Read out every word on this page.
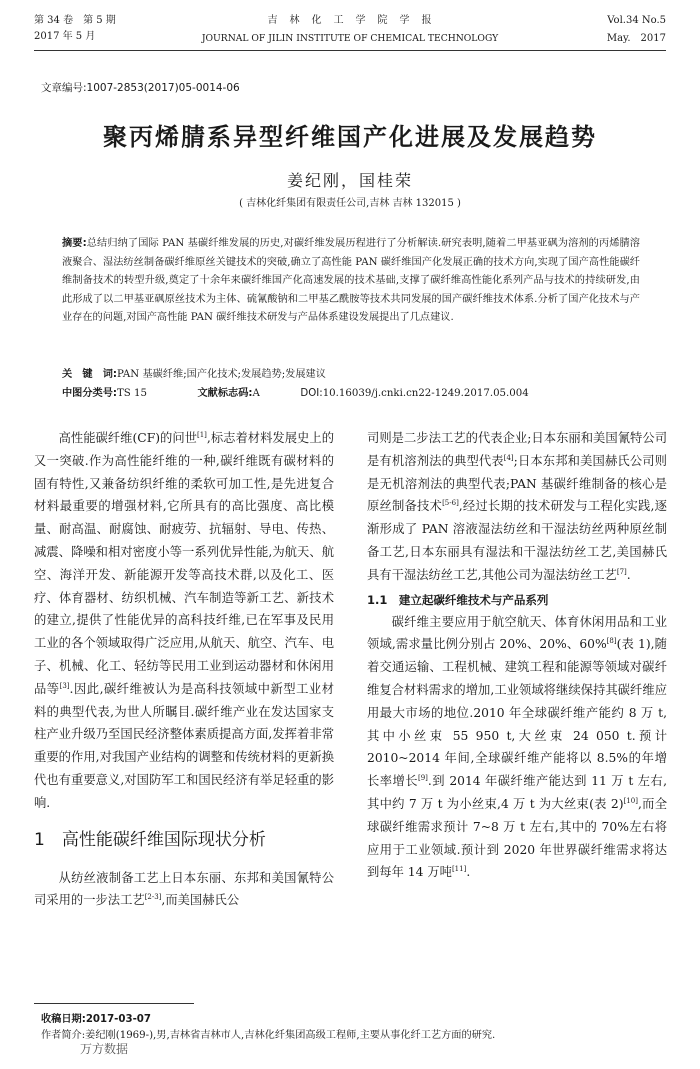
第 34 卷　第 5 期
2017 年 5 月
吉　林　化　工　学　院　学　报
JOURNAL OF JILIN INSTITUTE OF CHEMICAL TECHNOLOGY
Vol.34 No.5
May.　2017
文章编号:1007-2853(2017)05-0014-06
聚丙烯腈系异型纤维国产化进展及发展趋势
姜纪刚，国桂荣
( 吉林化纤集团有限责任公司,吉林 吉林 132015 )
摘要:总结归纳了国际 PAN 基碳纤维发展的历史,对碳纤维发展历程进行了分析解读.研究表明,随着二甲基亚砜为溶剂的丙烯腈溶液聚合、湿法纺丝制备碳纤维原丝关键技术的突破,确立了高性能 PAN 碳纤维国产化发展正确的技术方向,实现了国产高性能碳纤维制备技术的转型升级,奠定了十余年来碳纤维国产化高速发展的技术基础,支撑了碳纤维高性能化系列产品与技术的持续研发,由此形成了以二甲基亚砜原丝技术为主体、硫氰酸钠和二甲基乙酰胺等技术共同发展的国产碳纤维技术体系.分析了国产化技术与产业存在的问题,对国产高性能 PAN 碳纤维技术研发与产品体系建设发展提出了几点建议.
关　键　词:PAN 基碳纤维;国产化技术;发展趋势;发展建议
中图分类号:TS 15	文献标志码:A	DOI:10.16039/j.cnki.cn22-1249.2017.05.004

高性能碳纤维(CF)的问世[1],标志着材料发展史上的又一突破.作为高性能纤维的一种,碳纤维既有碳材料的固有特性,又兼备纺织纤维的柔软可加工性,是先进复合材料最重要的增强材料,它所具有的高比强度、高比模量、耐高温、耐腐蚀、耐疲劳、抗辐射、导电、传热、减震、降噪和相对密度小等一系列优异性能,为航天、航空、海洋开发、新能源开发等高技术群,以及化工、医疗、体育器材、纺织机械、汽车制造等新工艺、新技术的建立,提供了性能优异的高科技纤维,已在军事及民用工业的各个领域取得广泛应用,从航天、航空、汽车、电子、机械、化工、轻纺等民用工业到运动器材和休闲用品等[3].因此,碳纤维被认为是高科技领域中新型工业材料的典型代表,为世人所瞩目.碳纤维产业在发达国家支柱产业升级乃至国民经济整体素质提高方面,发挥着非常重要的作用,对我国产业结构的调整和传统材料的更新换代也有重要意义,对国防军工和国民经济有举足轻重的影响.

1　高性能碳纤维国际现状分析

从纺丝液制备工艺上日本东丽、东邦和美国氰特公司采用的一步法工艺[2-3],而美国赫氏公

司则是二步法工艺的代表企业;日本东丽和美国氰特公司是有机溶剂法的典型代表[4];日本东邦和美国赫氏公司则是无机溶剂法的典型代表;PAN 基碳纤维制备的核心是原丝制备技术[5-6],经过长期的技术研发与工程化实践,逐渐形成了 PAN 溶液湿法纺丝和干湿法纺丝两种原丝制备工艺,日本东丽具有湿法和干湿法纺丝工艺,美国赫氏具有干湿法纺丝工艺,其他公司为湿法纺丝工艺[7].

1.1　建立起碳纤维技术与产品系列

碳纤维主要应用于航空航天、体育休闲用品和工业领域,需求量比例分别占 20%、20%、60%[8](表 1),随着交通运输、工程机械、建筑工程和能源等领域对碳纤维复合材料需求的增加,工业领域将继续保持其碳纤维应用最大市场的地位.2010 年全球碳纤维产能约 8 万 t,其中小丝束 55 950 t,大丝束 24 050 t.预计 2010~2014 年间,全球碳纤维产能将以 8.5%的年增长率增长[9].到 2014 年碳纤维产能达到 11 万 t 左右,其中约 7 万 t 为小丝束,4 万 t 为大丝束(表 2)[10],而全球碳纤维需求预计 7~8 万 t 左右,其中的 70%左右将应用于工业领域.预计到 2020 年世界碳纤维需求将达到每年 14 万吨[11].

收稿日期:2017-03-07
作者简介:姜纪刚(1969-),男,吉林省吉林市人,吉林化纤集团高级工程师,主要从事化纤工艺方面的研究.
万方数据
